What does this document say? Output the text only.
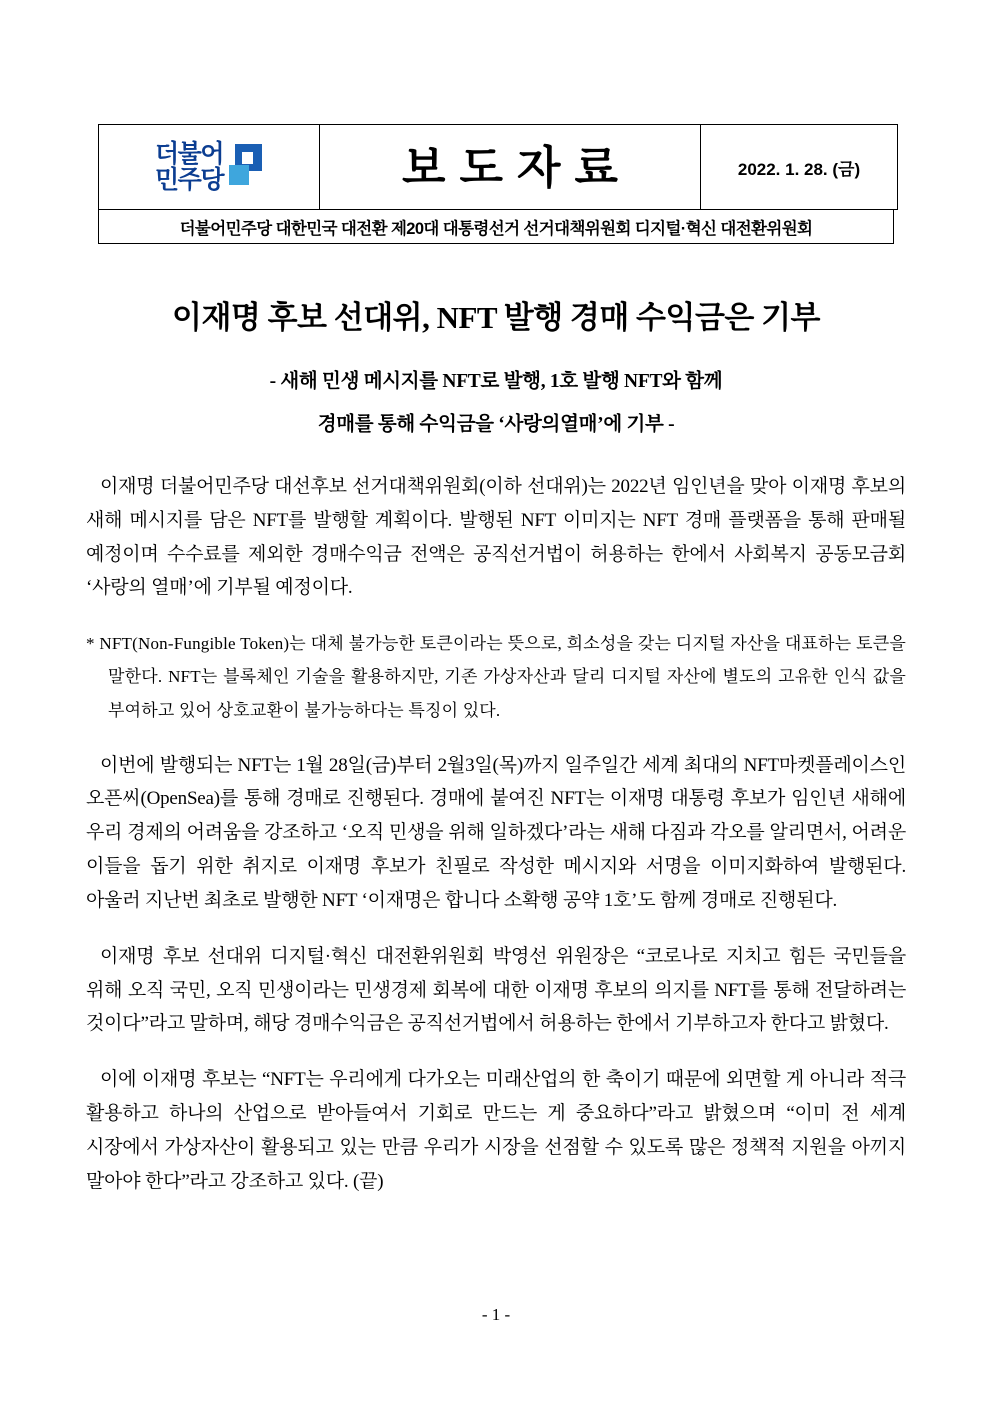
더불어
민주당	보도자료	2022. 1. 28. (금)
더불어민주당 대한민국 대전환 제20대 대통령선거 선거대책위원회 디지털·혁신 대전환위원회
이재명 후보 선대위, NFT 발행 경매 수익금은 기부
- 새해 민생 메시지를 NFT로 발행, 1호 발행 NFT와 함께
경매를 통해 수익금을 ‘사랑의열매’에 기부 -

이재명 더불어민주당 대선후보 선거대책위원회(이하 선대위)는 2022년 임인년을 맞아 이재명 후보의 새해 메시지를 담은 NFT를 발행할 계획이다. 발행된 NFT 이미지는 NFT 경매 플랫폼을 통해 판매될 예정이며 수수료를 제외한 경매수익금 전액은 공직선거법이 허용하는 한에서 사회복지 공동모금회 ‘사랑의 열매’에 기부될 예정이다.

* NFT(Non-Fungible Token)는 대체 불가능한 토큰이라는 뜻으로, 희소성을 갖는 디지털 자산을 대표하는 토큰을 말한다. NFT는 블록체인 기술을 활용하지만, 기존 가상자산과 달리 디지털 자산에 별도의 고유한 인식 값을 부여하고 있어 상호교환이 불가능하다는 특징이 있다.

이번에 발행되는 NFT는 1월 28일(금)부터 2월3일(목)까지 일주일간 세계 최대의 NFT마켓플레이스인 오픈씨(OpenSea)를 통해 경매로 진행된다. 경매에 붙여진 NFT는 이재명 대통령 후보가 임인년 새해에 우리 경제의 어려움을 강조하고 ‘오직 민생을 위해 일하겠다’라는 새해 다짐과 각오를 알리면서, 어려운 이들을 돕기 위한 취지로 이재명 후보가 친필로 작성한 메시지와 서명을 이미지화하여 발행된다. 아울러 지난번 최초로 발행한 NFT ‘이재명은 합니다 소확행 공약 1호’도 함께 경매로 진행된다.

이재명 후보 선대위 디지털·혁신 대전환위원회 박영선 위원장은 “코로나로 지치고 힘든 국민들을 위해 오직 국민, 오직 민생이라는 민생경제 회복에 대한 이재명 후보의 의지를 NFT를 통해 전달하려는 것이다”라고 말하며, 해당 경매수익금은 공직선거법에서 허용하는 한에서 기부하고자 한다고 밝혔다.

이에 이재명 후보는 “NFT는 우리에게 다가오는 미래산업의 한 축이기 때문에 외면할 게 아니라 적극 활용하고 하나의 산업으로 받아들여서 기회로 만드는 게 중요하다”라고 밝혔으며 “이미 전 세계 시장에서 가상자산이 활용되고 있는 만큼 우리가 시장을 선점할 수 있도록 많은 정책적 지원을 아끼지 말아야 한다”라고 강조하고 있다. (끝)

- 1 -
